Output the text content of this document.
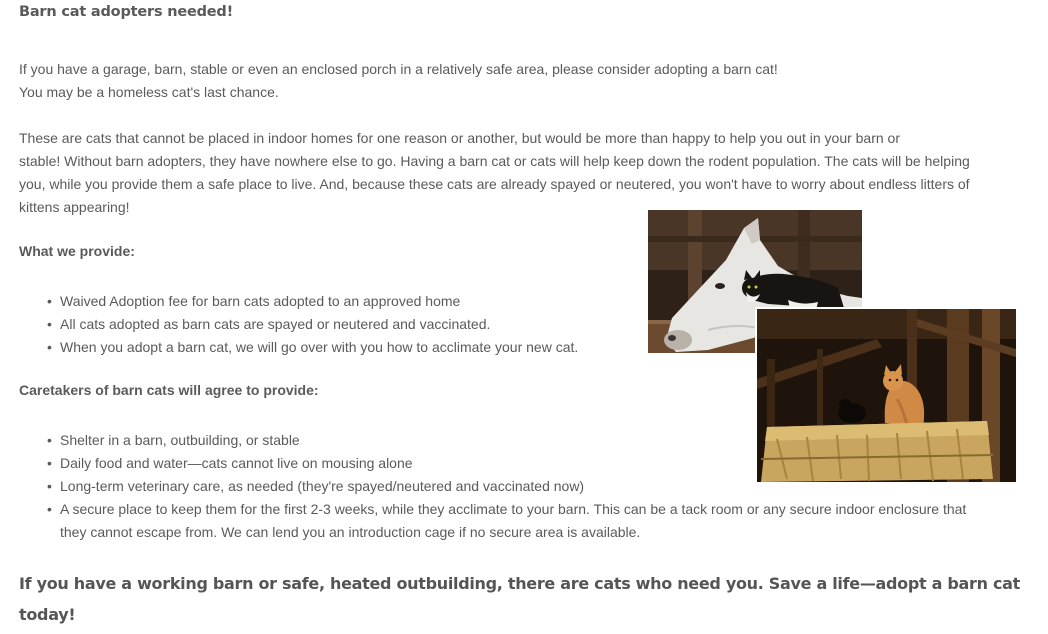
Barn cat adopters needed!

If you have a garage, barn, stable or even an enclosed porch in a relatively safe area, please consider adopting a barn cat!
You may be a homeless cat's last chance.

These are cats that cannot be placed in indoor homes for one reason or another, but would be more than happy to help you out in your barn or
stable! Without barn adopters, they have nowhere else to go. Having a barn cat or cats will help keep down the rodent population. The cats will be helping
you, while you provide them a safe place to live. And, because these cats are already spayed or neutered, you won't have to worry about endless litters of
kittens appearing!

What we provide:
• Waived Adoption fee for barn cats adopted to an approved home
• All cats adopted as barn cats are spayed or neutered and vaccinated.
• When you adopt a barn cat, we will go over with you how to acclimate your new cat.
Caretakers of barn cats will agree to provide:
• Shelter in a barn, outbuilding, or stable
• Daily food and water—cats cannot live on mousing alone
• Long-term veterinary care, as needed (they're spayed/neutered and vaccinated now)
• A secure place to keep them for the first 2-3 weeks, while they acclimate to your barn. This can be a tack room or any secure indoor enclosure that
they cannot escape from. We can lend you an introduction cage if no secure area is available.

If you have a working barn or safe, heated outbuilding, there are cats who need you. Save a life—adopt a barn cat
today!
